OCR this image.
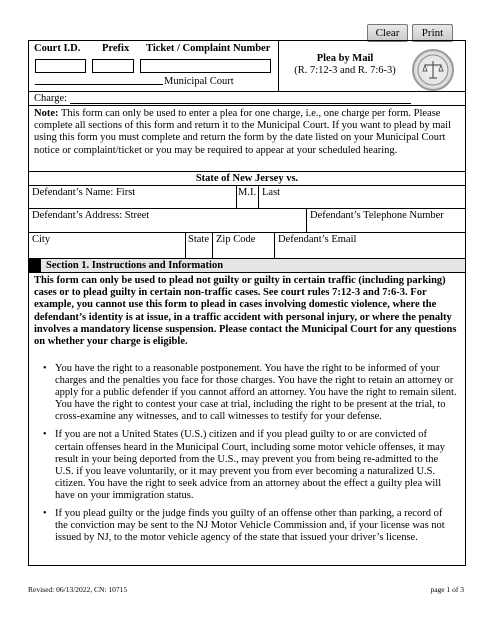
Clear	Print
Court I.D. Prefix Ticket / Complaint Number
Municipal Court
Plea by Mail
(R. 7:12-3 and R. 7:6-3)
Charge:
Note: This form can only be used to enter a plea for one charge, i.e., one charge per form. Please complete all sections of this form and return it to the Municipal Court. If you want to plead by mail using this form you must complete and return the form by the date listed on your Municipal Court notice or complaint/ticket or you may be required to appear at your scheduled hearing.
State of New Jersey vs.
Defendant’s Name: First	M.I. Last
Defendant’s Address: Street	Defendant’s Telephone Number
City	State Zip Code Defendant’s Email
Section 1. Instructions and Information
This form can only be used to plead not guilty or guilty in certain traffic (including parking) cases or to plead guilty in certain non-traffic cases. See court rules 7:12-3 and 7:6-3. For example, you cannot use this form to plead in cases involving domestic violence, where the defendant’s identity is at issue, in a traffic accident with personal injury, or where the penalty involves a mandatory license suspension. Please contact the Municipal Court for any questions on whether your charge is eligible.
• You have the right to a reasonable postponement. You have the right to be informed of your charges and the penalties you face for those charges. You have the right to retain an attorney or apply for a public defender if you cannot afford an attorney. You have the right to remain silent. You have the right to contest your case at trial, including the right to be present at the trial, to cross-examine any witnesses, and to call witnesses to testify for your defense.
• If you are not a United States (U.S.) citizen and if you plead guilty to or are convicted of certain offenses heard in the Municipal Court, including some motor vehicle offenses, it may result in your being deported from the U.S., may prevent you from being re-admitted to the U.S. if you leave voluntarily, or it may prevent you from ever becoming a naturalized U.S. citizen. You have the right to seek advice from an attorney about the effect a guilty plea will have on your immigration status.
• If you plead guilty or the judge finds you guilty of an offense other than parking, a record of the conviction may be sent to the NJ Motor Vehicle Commission and, if your license was not issued by NJ, to the motor vehicle agency of the state that issued your driver’s license.
Revised: 06/13/2022, CN: 10715	page 1 of 3
